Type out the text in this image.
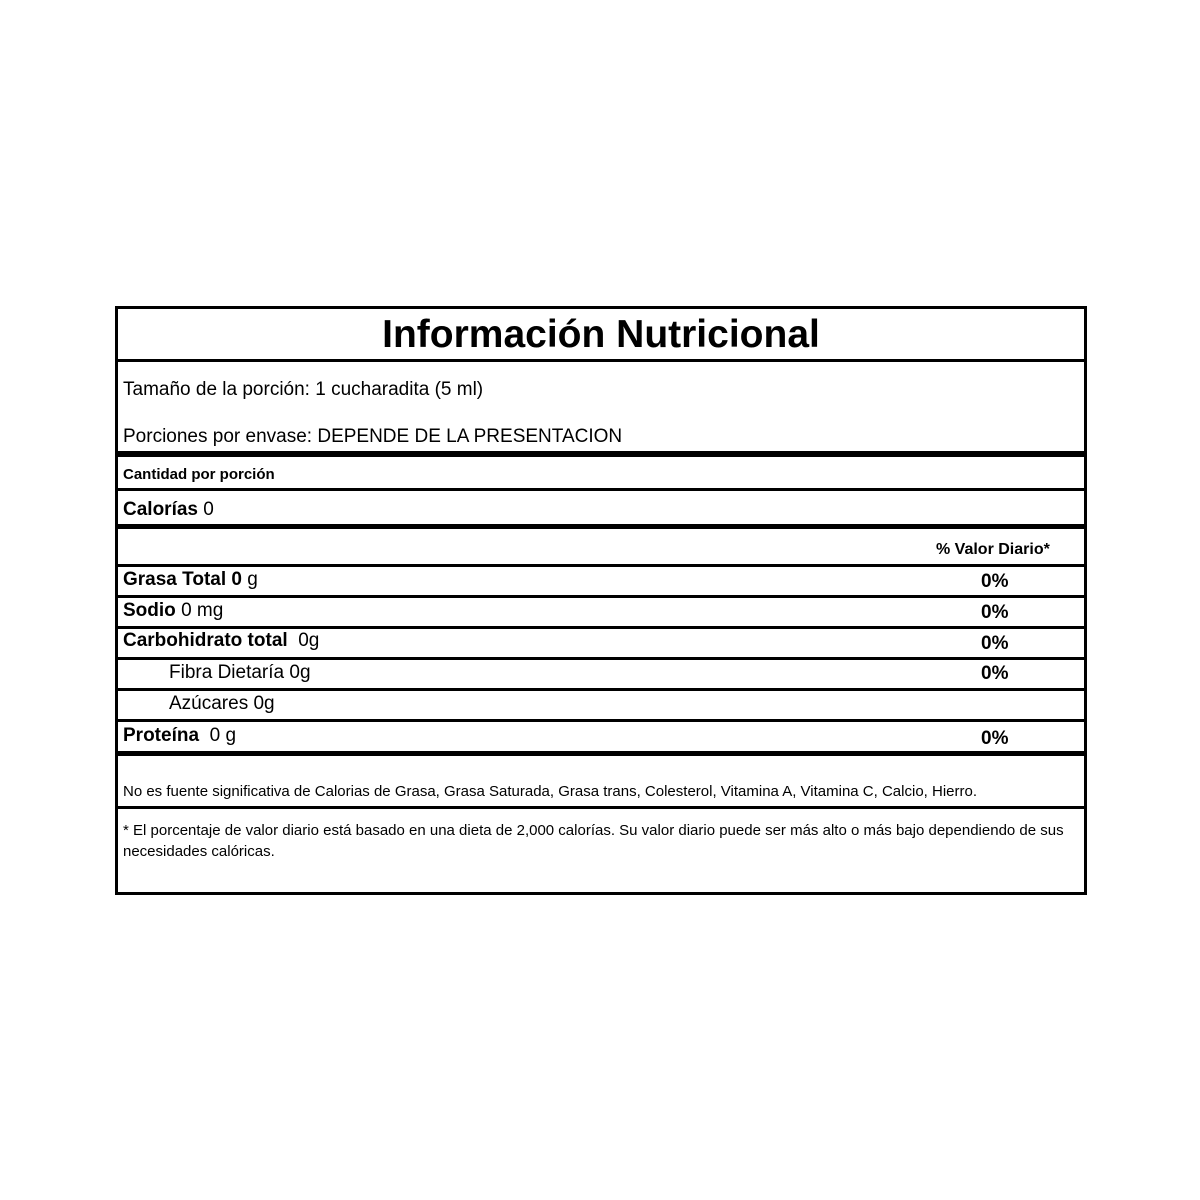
Información Nutricional
Tamaño de la porción: 1 cucharadita (5 ml)
Porciones por envase: DEPENDE DE LA PRESENTACION
Cantidad por porción
Calorías 0
% Valor Diario*
Grasa Total 0 g	0%
Sodio 0 mg	0%
Carbohidrato total 0g	0%
Fibra Dietaría 0g	0%
Azúcares 0g
Proteína 0 g	0%
No es fuente significativa de Calorias de Grasa, Grasa Saturada, Grasa trans, Colesterol, Vitamina A, Vitamina C, Calcio, Hierro.
* El porcentaje de valor diario está basado en una dieta de 2,000 calorías. Su valor diario puede ser más alto o más bajo dependiendo de sus necesidades calóricas.
